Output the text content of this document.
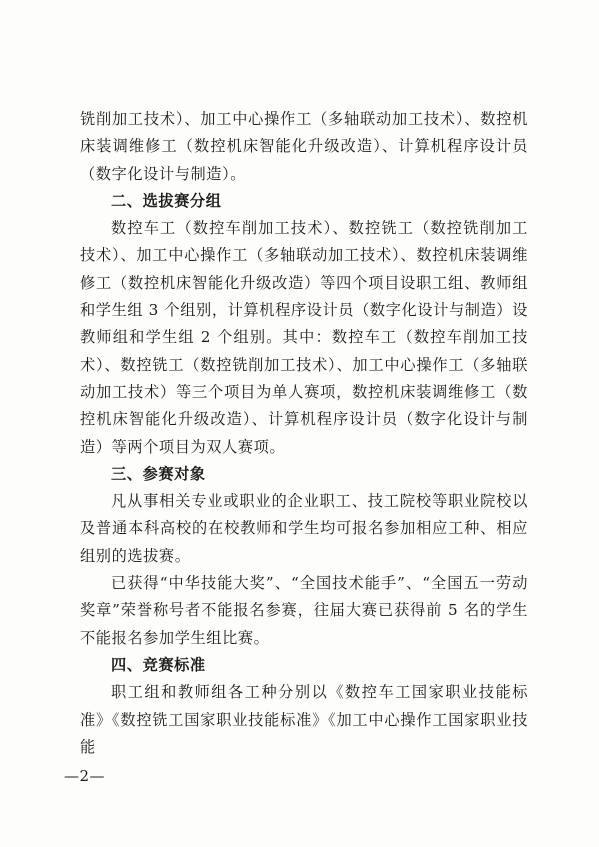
铣削加工技术）、加工中心操作工（多轴联动加工技术）、数控机床装调维修工（数控机床智能化升级改造）、计算机程序设计员（数字化设计与制造）。

二、选拔赛分组

数控车工（数控车削加工技术）、数控铣工（数控铣削加工技术）、加工中心操作工（多轴联动加工技术）、数控机床装调维修工（数控机床智能化升级改造）等四个项目设职工组、教师组和学生组 3 个组别，计算机程序设计员（数字化设计与制造）设教师组和学生组 2 个组别。其中：数控车工（数控车削加工技术）、数控铣工（数控铣削加工技术）、加工中心操作工（多轴联动加工技术）等三个项目为单人赛项，数控机床装调维修工（数控机床智能化升级改造）、计算机程序设计员（数字化设计与制造）等两个项目为双人赛项。

三、参赛对象

凡从事相关专业或职业的企业职工、技工院校等职业院校以及普通本科高校的在校教师和学生均可报名参加相应工种、相应组别的选拔赛。

已获得“中华技能大奖”、“全国技术能手”、“全国五一劳动奖章”荣誉称号者不能报名参赛，往届大赛已获得前 5 名的学生不能报名参加学生组比赛。

四、竞赛标准

职工组和教师组各工种分别以《数控车工国家职业技能标准》《数控铣工国家职业技能标准》《加工中心操作工国家职业技能

—2—
